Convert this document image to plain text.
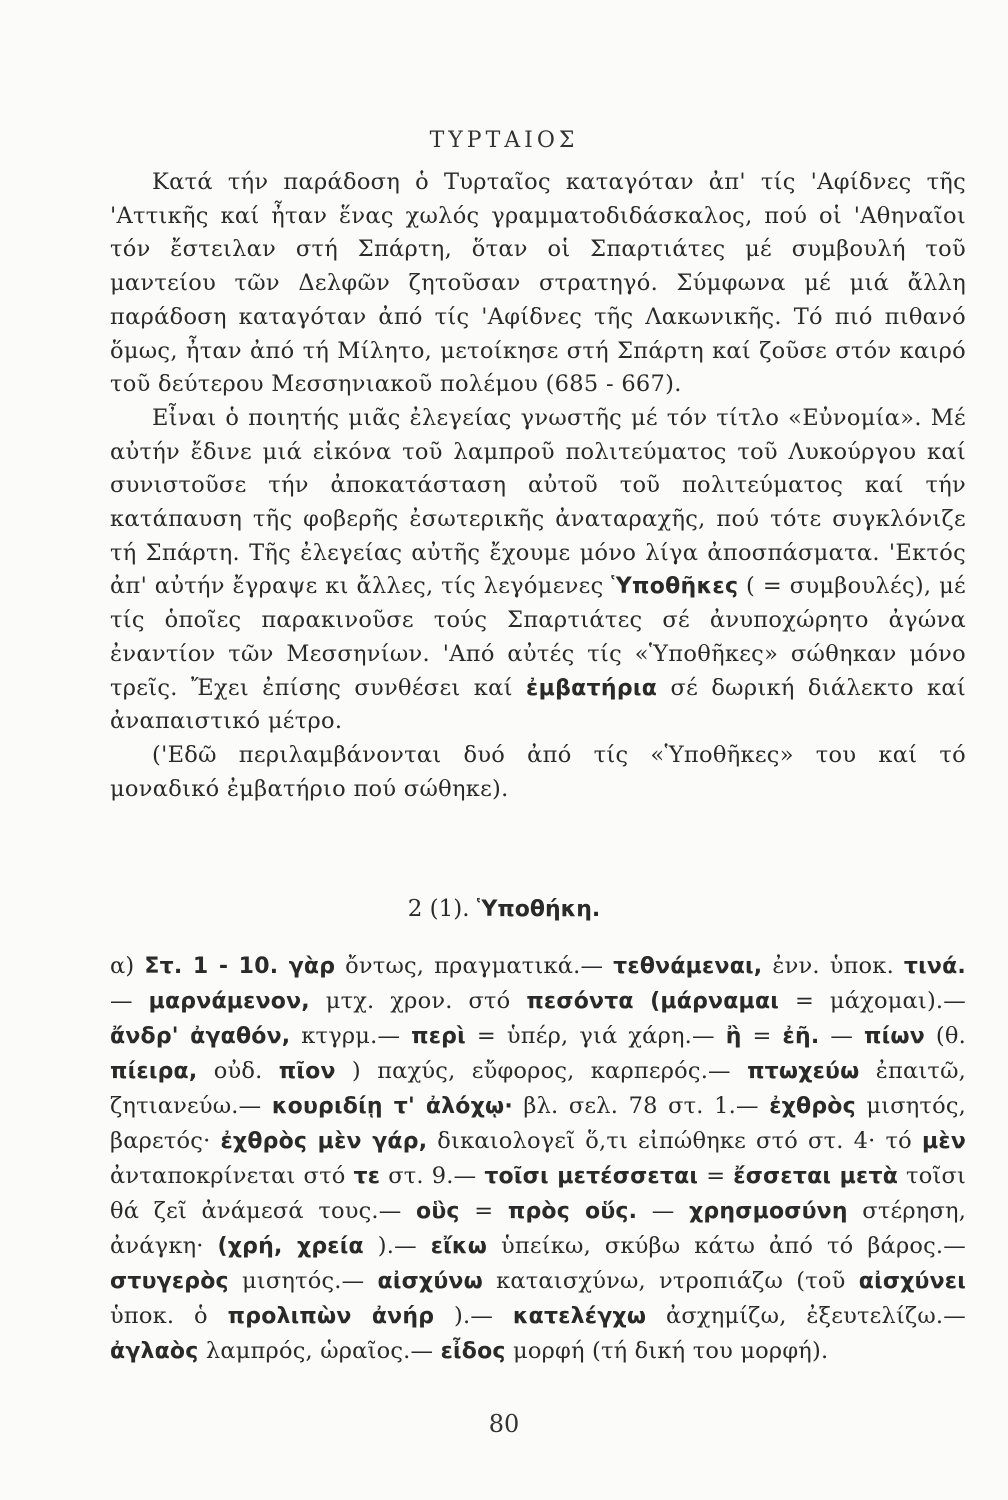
ΤΥΡΤΑΙΟΣ

Κατά τήν παράδοση ὁ Τυρταῖος καταγόταν ἀπ' τίς 'Αφίδνες τῆς 'Αττικῆς καί ἦταν ἕνας χωλός γραμματοδιδάσκαλος, πού οἱ 'Αθηναῖοι τόν ἔστειλαν στή Σπάρτη, ὅταν οἱ Σπαρτιάτες μέ συμβουλή τοῦ μαντείου τῶν Δελφῶν ζητοῦσαν στρατηγό. Σύμφωνα μέ μιά ἄλλη παράδοση καταγόταν ἀπό τίς 'Αφίδνες τῆς Λακωνικῆς. Τό πιό πιθανό ὅμως, ἦταν ἀπό τή Μίλητο, μετοίκησε στή Σπάρτη καί ζοῦσε στόν καιρό τοῦ δεύτερου Μεσσηνιακοῦ πολέμου (685 - 667).

Εἶναι ὁ ποιητής μιᾶς ἐλεγείας γνωστῆς μέ τόν τίτλο «Εὐνομία». Μέ αὐτήν ἔδινε μιά εἰκόνα τοῦ λαμπροῦ πολιτεύματος τοῦ Λυκούργου καί συνιστοῦσε τήν ἀποκατάσταση αὐτοῦ τοῦ πολιτεύματος καί τήν κατάπαυση τῆς φοβερῆς ἐσωτερικῆς ἀναταραχῆς, πού τότε συγκλόνιζε τή Σπάρτη. Τῆς ἐλεγείας αὐτῆς ἔχουμε μόνο λίγα ἀποσπάσματα. 'Εκτός ἀπ' αὐτήν ἔγραψε κι ἄλλες, τίς λεγόμενες Ὑποθῆκες ( = συμβουλές), μέ τίς ὁποῖες παρακινοῦσε τούς Σπαρτιάτες σέ ἀνυποχώρητο ἀγώνα ἐναντίον τῶν Μεσσηνίων. 'Από αὐτές τίς «Ὑποθῆκες» σώθηκαν μόνο τρεῖς. Ἔχει ἐπίσης συνθέσει καί ἐμβατήρια σέ δωρική διάλεκτο καί ἀναπαιστικό μέτρο.

('Εδῶ περιλαμβάνονται δυό ἀπό τίς «Ὑποθῆκες» του καί τό μοναδικό ἐμβατήριο πού σώθηκε).

2 (1). Ὑποθήκη.
α) Στ. 1 - 10. γὰρ ὄντως, πραγματικά.— τεθνάμεναι, ἐνν. ὑποκ. τινά. — μαρνάμενον, μτχ. χρον. στό πεσόντα (μάρναμαι = μάχομαι).— ἄνδρ' ἀγαθόν, κτγρμ.— περὶ = ὑπέρ, γιά χάρη.— ἢ = ἐῆ. — πίων (θ. πίειρα, οὐδ. πῖον ) παχύς, εὔφορος, καρπερός.— πτωχεύω ἐπαιτῶ, ζητιανεύω.— κουριδίῃ τ' ἀλόχῳ· βλ. σελ. 78 στ. 1.— ἐχθρὸς μισητός, βαρετός· ἐχθρὸς μὲν γάρ, δικαιολογεῖ ὅ,τι εἰπώθηκε στό στ. 4· τό μὲν ἀνταποκρίνεται στό τε στ. 9.— τοῖσι μετέσσεται = ἔσσεται μετὰ τοῖσι θά ζεῖ ἀνάμεσά τους.— οὓς = πρὸς οὕς. — χρησμοσύνη στέρηση, ἀνάγκη· (χρή, χρεία ).— εἴκω ὑπείκω, σκύβω κάτω ἀπό τό βάρος.— στυγερὸς μισητός.— αἰσχύνω καταισχύνω, ντροπιάζω (τοῦ αἰσχύνει ὑποκ. ὁ προλιπὼν ἀνήρ ).— κατελέγχω ἀσχημίζω, ἐξευτελίζω.— ἀγλαὸς λαμπρός, ὡραῖος.— εἶδος μορφή (τή δική του μορφή).
80
